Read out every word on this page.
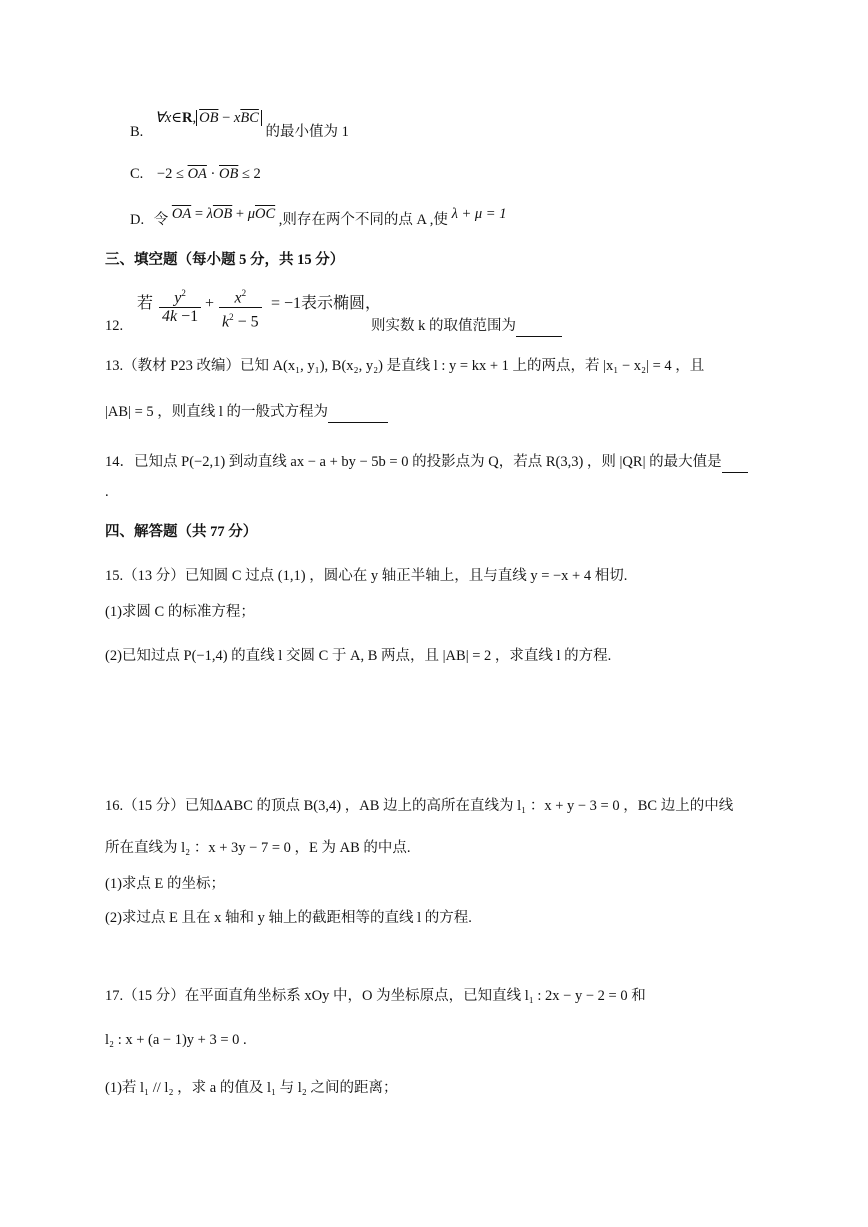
B. ∀x∈R, $\overline{OB} - x\overline{BC}$ 的最小值为 1
C. $-2 \le \overline{OA} \cdot \overline{OB} \le 2$
D. 令 $\overline{OA} = \lambda\overline{OB} + \mu\overline{OC}$ ,则存在两个不同的点 A ,使 λ + μ = 1
三、填空题（每小题 5 分，共 15 分）
12.
若 $\frac{y^2}{4k -1} + \frac{x^2}{k^2 - 5} = -1$表示椭圆，
则实数 k 的取值范围为
13.（教材 P23 改编）已知 A(x₁, y₁), B(x₂, y₂) 是直线 l : y = kx + 1 上的两点，若 |x₁ − x₂| = 4 ，且
|AB| = 5 ，则直线 l 的一般式方程为
14．已知点 P(−2,1) 到动直线 ax − a + by − 5b = 0 的投影点为 Q，若点 R(3,3) ，则 |QR| 的最大值是
.
四、解答题（共 77 分）
15.（13 分）已知圆 C 过点 (1,1) ，圆心在 y 轴正半轴上，且与直线 y = −x + 4 相切.
(1)求圆 C 的标准方程；
(2)已知过点 P(−1,4) 的直线 l 交圆 C 于 A, B 两点，且 |AB| = 2 ，求直线 l 的方程.
16.（15 分）已知ΔABC 的顶点 B(3,4) ，AB 边上的高所在直线为 l₁ ：x + y − 3 = 0 ，BC 边上的中线
所在直线为 l₂ ：x + 3y − 7 = 0 ，E 为 AB 的中点.
(1)求点 E 的坐标；
(2)求过点 E 且在 x 轴和 y 轴上的截距相等的直线 l 的方程.
17.（15 分）在平面直角坐标系 xOy 中，O 为坐标原点，已知直线 l₁ : 2x − y − 2 = 0 和
l₂ : x + (a − 1)y + 3 = 0 .
(1)若 l₁ // l₂ ，求 a 的值及 l₁ 与 l₂ 之间的距离；
